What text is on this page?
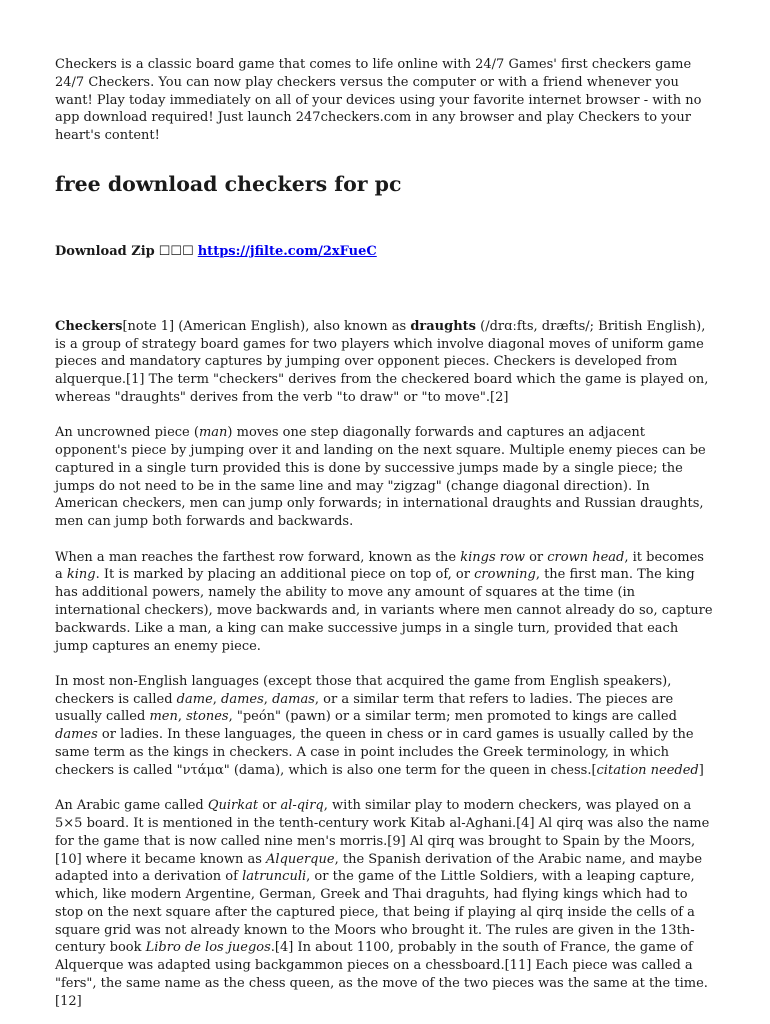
Checkers is a classic board game that comes to life online with 24/7 Games' first checkers game 24/7 Checkers. You can now play checkers versus the computer or with a friend whenever you want! Play today immediately on all of your devices using your favorite internet browser - with no app download required! Just launch 247checkers.com in any browser and play Checkers to your heart's content!

free download checkers for pc
Download Zip ☐☐☐ https://jfilte.com/2xFueC

Checkers[note 1] (American English), also known as draughts (/drɑːfts, dræfts/; British English), is a group of strategy board games for two players which involve diagonal moves of uniform game pieces and mandatory captures by jumping over opponent pieces. Checkers is developed from alquerque.[1] The term "checkers" derives from the checkered board which the game is played on, whereas "draughts" derives from the verb "to draw" or "to move".[2]

An uncrowned piece (man) moves one step diagonally forwards and captures an adjacent opponent's piece by jumping over it and landing on the next square. Multiple enemy pieces can be captured in a single turn provided this is done by successive jumps made by a single piece; the jumps do not need to be in the same line and may "zigzag" (change diagonal direction). In American checkers, men can jump only forwards; in international draughts and Russian draughts, men can jump both forwards and backwards.

When a man reaches the farthest row forward, known as the kings row or crown head, it becomes a king. It is marked by placing an additional piece on top of, or crowning, the first man. The king has additional powers, namely the ability to move any amount of squares at the time (in international checkers), move backwards and, in variants where men cannot already do so, capture backwards. Like a man, a king can make successive jumps in a single turn, provided that each jump captures an enemy piece.

In most non-English languages (except those that acquired the game from English speakers), checkers is called dame, dames, damas, or a similar term that refers to ladies. The pieces are usually called men, stones, "peón" (pawn) or a similar term; men promoted to kings are called dames or ladies. In these languages, the queen in chess or in card games is usually called by the same term as the kings in checkers. A case in point includes the Greek terminology, in which checkers is called "ντάμα" (dama), which is also one term for the queen in chess.[citation needed]

An Arabic game called Quirkat or al-qirq, with similar play to modern checkers, was played on a 5×5 board. It is mentioned in the tenth-century work Kitab al-Aghani.[4] Al qirq was also the name for the game that is now called nine men's morris.[9] Al qirq was brought to Spain by the Moors,[10] where it became known as Alquerque, the Spanish derivation of the Arabic name, and maybe adapted into a derivation of latrunculi, or the game of the Little Soldiers, with a leaping capture, which, like modern Argentine, German, Greek and Thai draguhts, had flying kings which had to stop on the next square after the captured piece, that being if playing al qirq inside the cells of a square grid was not already known to the Moors who brought it. The rules are given in the 13th-century book Libro de los juegos.[4] In about 1100, probably in the south of France, the game of Alquerque was adapted using backgammon pieces on a chessboard.[11] Each piece was called a "fers", the same name as the chess queen, as the move of the two pieces was the same at the time.[12]
